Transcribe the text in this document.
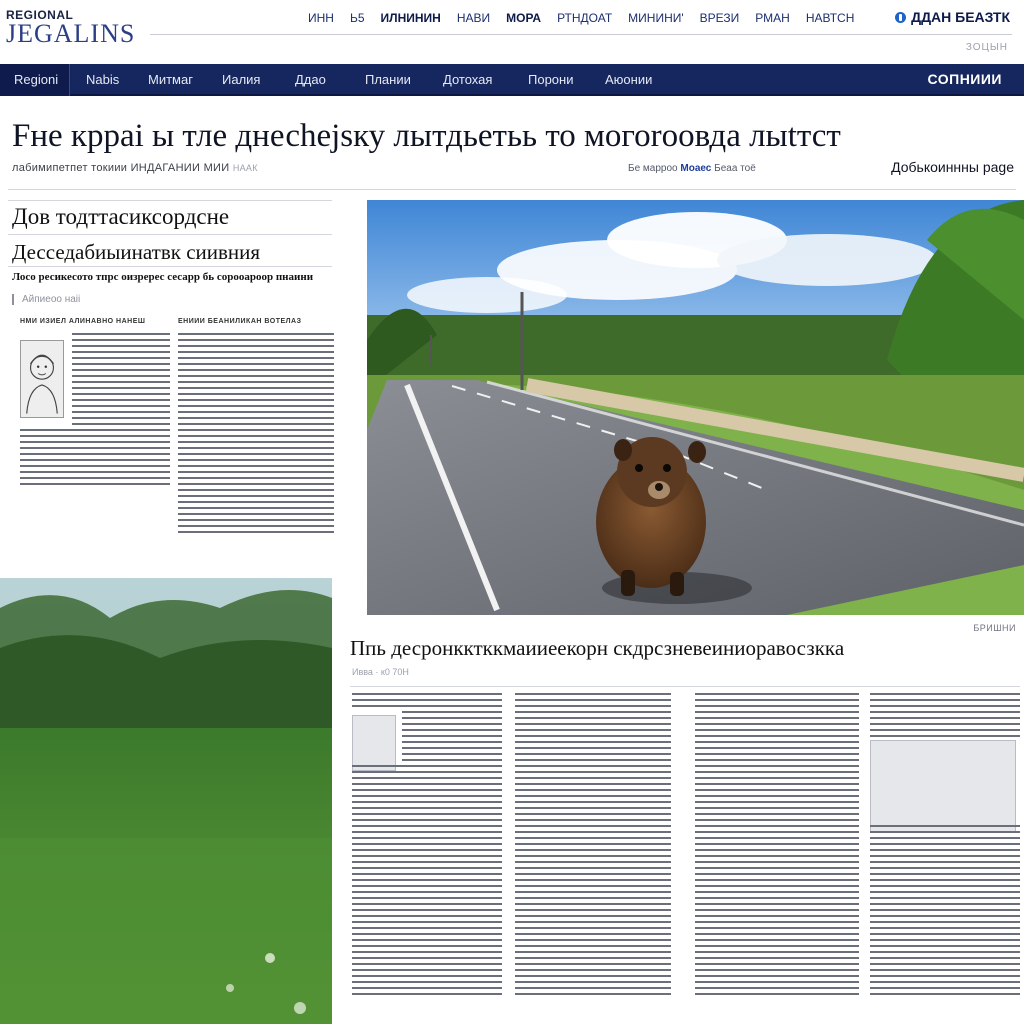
REGIONAL
JEGALINS
ИНН Ь5 ИЛНИНИН НАВИ МОРА РТНДОАТ МИНИНИ' ВРЕЗИ РМАН НАВТСН	ДДАН БЕАЗТК
ЗОЦЫН
Regioni	Nabis Митмаг Иалия	Ддао	Плании Дотохая	Порони Аюонии	СОПНИИИ
Fне крраі ы тле днесhеjsку лытдьетьь то могоroовда лыtтст
лабимипетпет токиии ИНДАГАНИИ МИИ НААК	Бе марроо Моаес Беаа тоё	Добькоиннны page
Дов тодттасиксордсне
Десседабиыинатвк сиивния
Лосо ресикесото тпрс оизререс сесарр бь сорооароор пнаини
Айпиеоо наіі
НМИ ИЗИЕЛ АЛИНАВНО НАНЕШ	ЕНИИИ БЕАНИЛИКАН ВОТЕЛАЗ
БРИШНИ
Ппь десронкктккмаииеекорн скдрсзневеиниоравосзкка
Ивва · к0 70Н
